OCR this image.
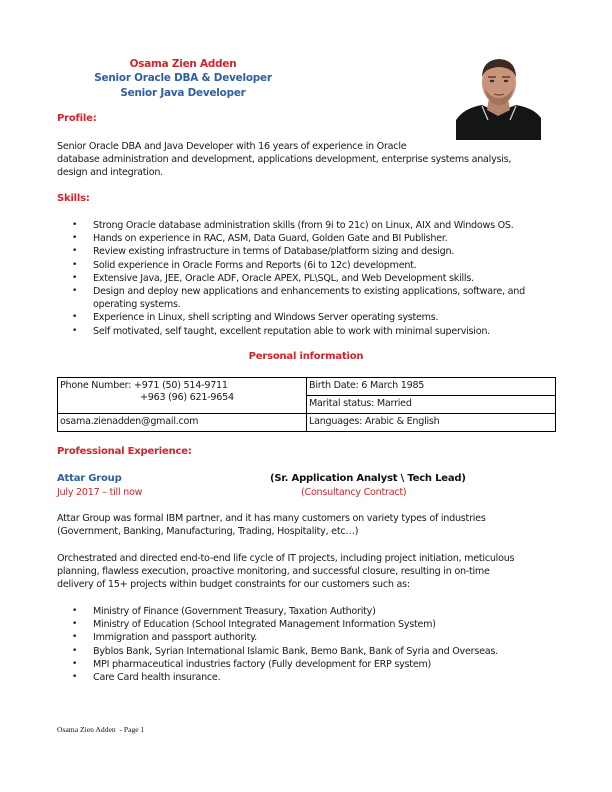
Osama Zien Adden
Senior Oracle DBA & Developer
Senior Java Developer
Profile:
Senior Oracle DBA and Java Developer with 16 years of experience in Oracle
database administration and development, applications development, enterprise systems analysis,
design and integration.
Skills:
• Strong Oracle database administration skills (from 9i to 21c) on Linux, AIX and Windows OS.
• Hands on experience in RAC, ASM, Data Guard, Golden Gate and BI Publisher.
• Review existing infrastructure in terms of Database/platform sizing and design.
• Solid experience in Oracle Forms and Reports (6i to 12c) development.
• Extensive Java, JEE, Oracle ADF, Oracle APEX, PL\SQL, and Web Development skills.
• Design and deploy new applications and enhancements to existing applications, software, and
operating systems.
• Experience in Linux, shell scripting and Windows Server operating systems.
• Self motivated, self taught, excellent reputation able to work with minimal supervision.
Personal information
Phone Number: +971 (50) 514-9711
+963 (96) 621-9654	Birth Date: 6 March 1985
	Marital status: Married
osama.zienadden@gmail.com	Languages: Arabic & English
Professional Experience:
Attar Group	(Sr. Application Analyst \ Tech Lead)
July 2017 – till now	(Consultancy Contract)
Attar Group was formal IBM partner, and it has many customers on variety types of industries
(Government, Banking, Manufacturing, Trading, Hospitality, etc…)
Orchestrated and directed end-to-end life cycle of IT projects, including project initiation, meticulous
planning, flawless execution, proactive monitoring, and successful closure, resulting in on-time
delivery of 15+ projects within budget constraints for our customers such as:
• Ministry of Finance (Government Treasury, Taxation Authority)
• Ministry of Education (School Integrated Management Information System)
• Immigration and passport authority.
• Byblos Bank, Syrian International Islamic Bank, Bemo Bank, Bank of Syria and Overseas.
• MPI pharmaceutical industries factory (Fully development for ERP system)
• Care Card health insurance.
Osama Zien Adden  - Page 1
